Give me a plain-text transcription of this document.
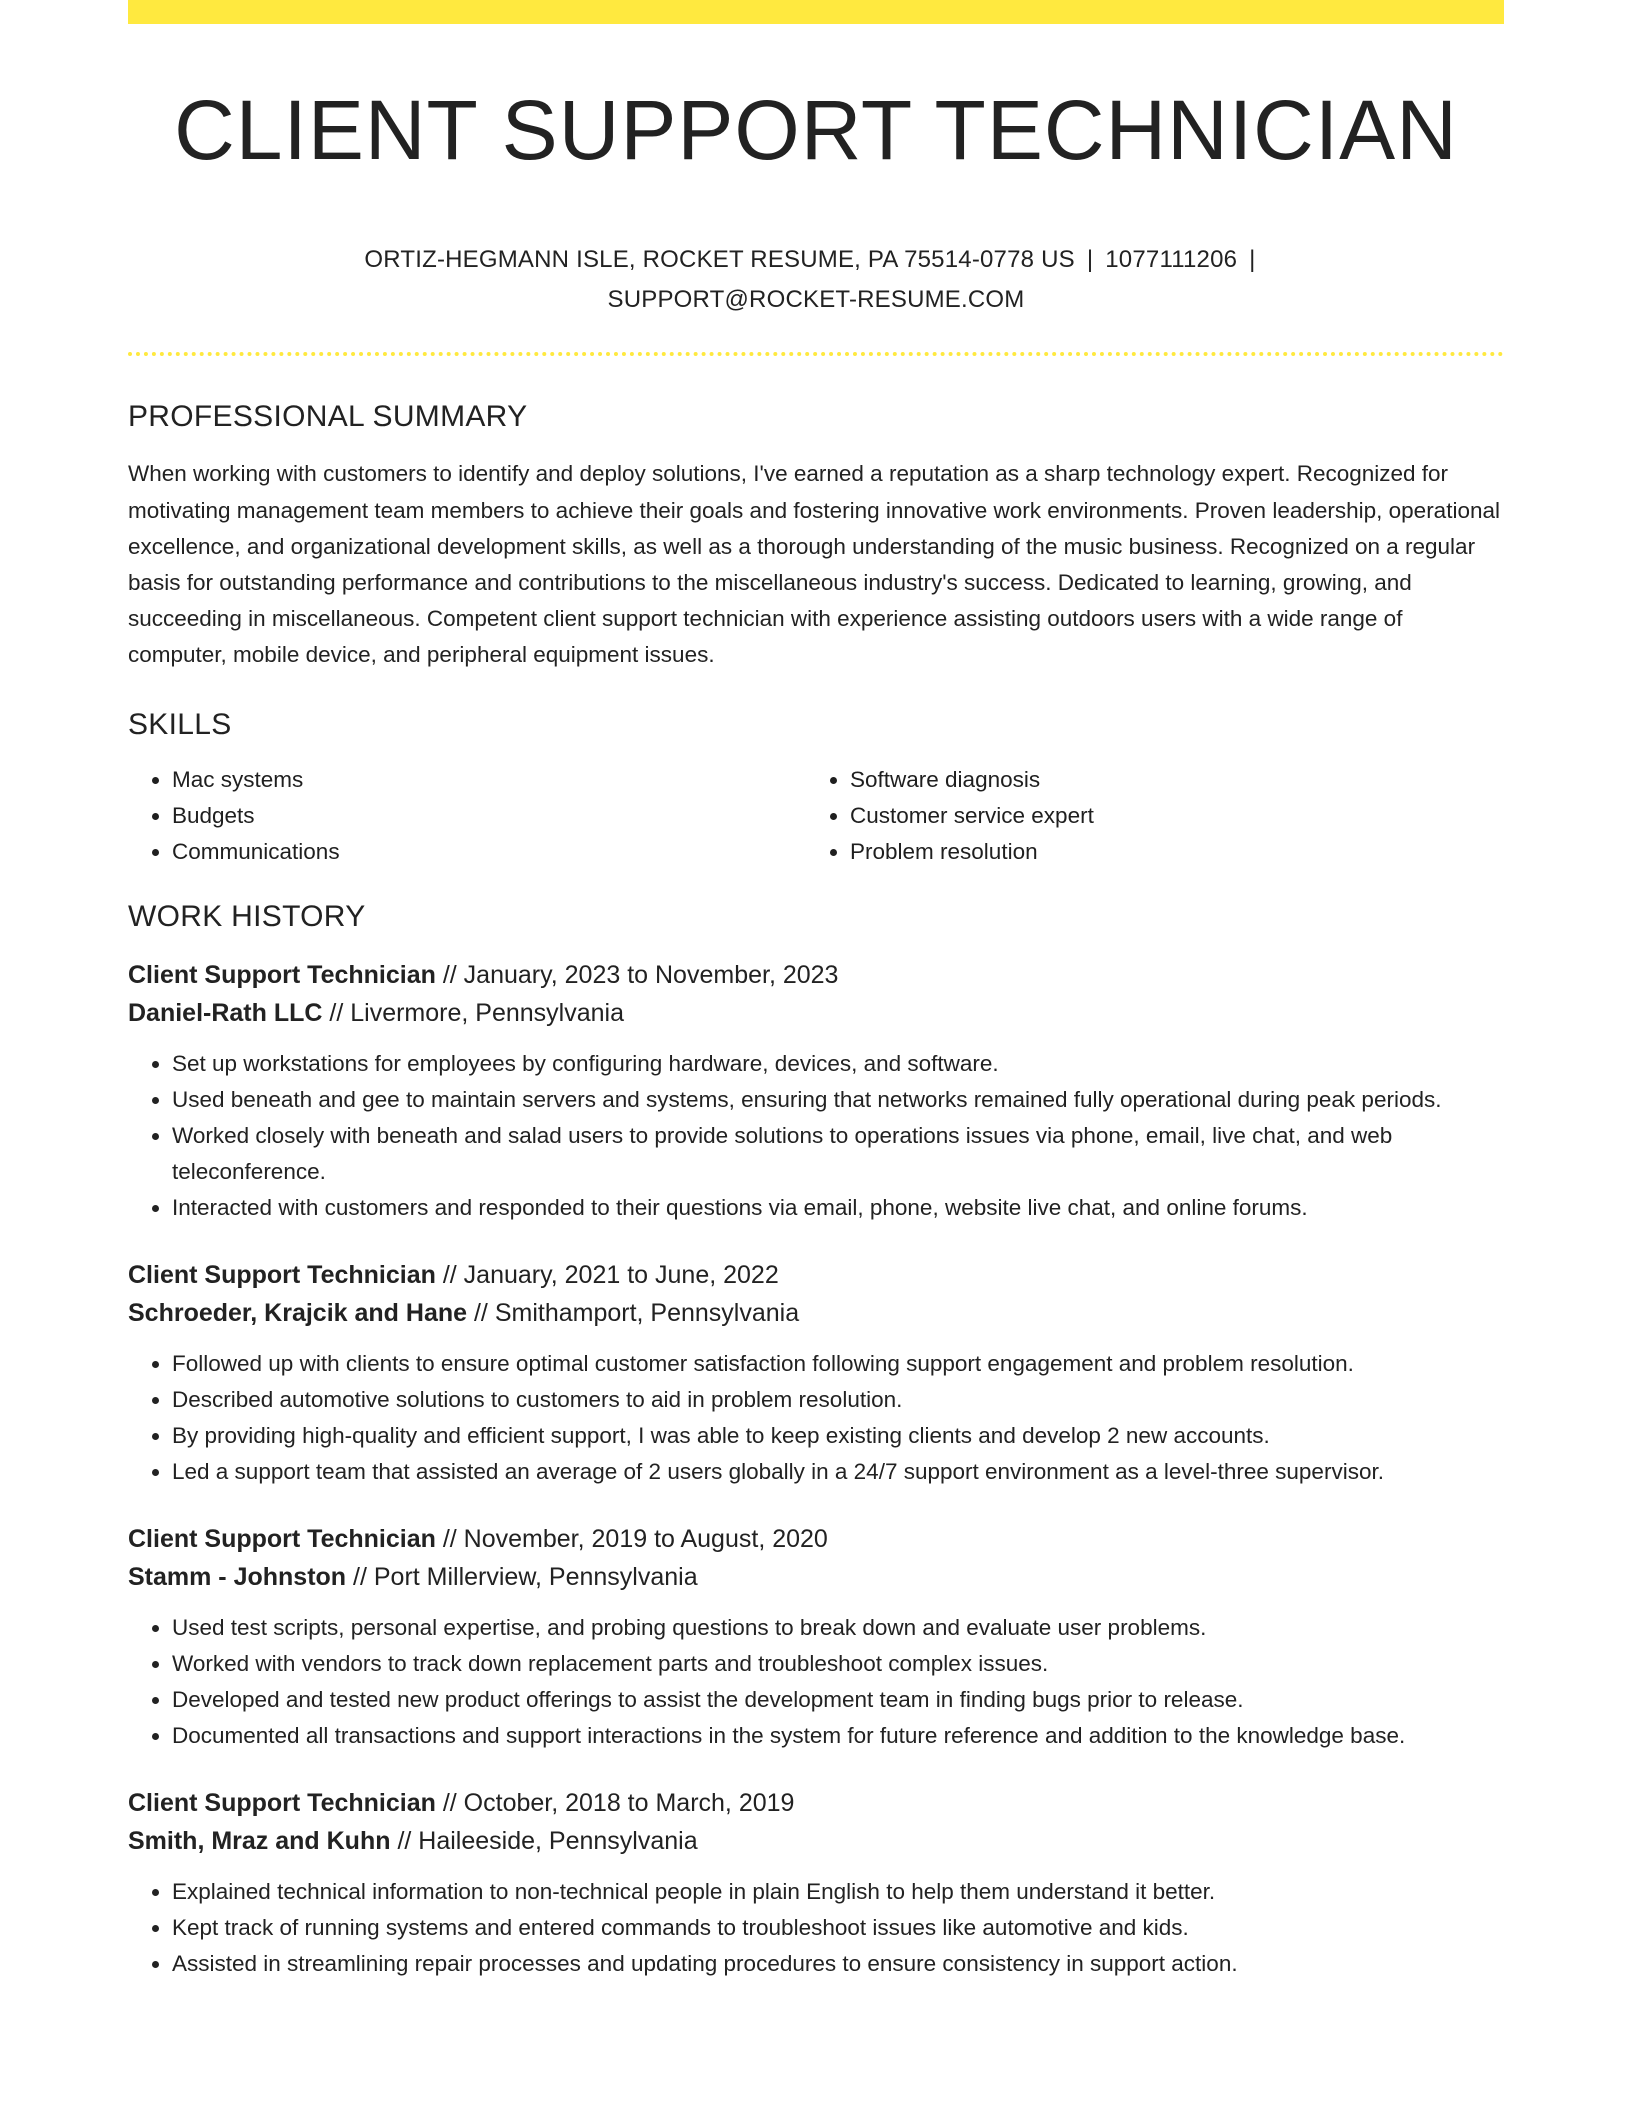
CLIENT SUPPORT TECHNICIAN
ORTIZ-HEGMANN ISLE, ROCKET RESUME, PA 75514-0778 US | 1077111206 |
SUPPORT@ROCKET-RESUME.COM
PROFESSIONAL SUMMARY

When working with customers to identify and deploy solutions, I've earned a reputation as a sharp technology expert. Recognized for motivating management team members to achieve their goals and fostering innovative work environments. Proven leadership, operational excellence, and organizational development skills, as well as a thorough understanding of the music business. Recognized on a regular basis for outstanding performance and contributions to the miscellaneous industry's success. Dedicated to learning, growing, and succeeding in miscellaneous. Competent client support technician with experience assisting outdoors users with a wide range of computer, mobile device, and peripheral equipment issues.

SKILLS
• Mac systems
• Budgets
• Communications
• Software diagnosis
• Customer service expert
• Problem resolution
WORK HISTORY
Client Support Technician // January, 2023 to November, 2023
Daniel-Rath LLC // Livermore, Pennsylvania
• Set up workstations for employees by configuring hardware, devices, and software.
• Used beneath and gee to maintain servers and systems, ensuring that networks remained fully operational during peak periods.
• Worked closely with beneath and salad users to provide solutions to operations issues via phone, email, live chat, and web teleconference.
• Interacted with customers and responded to their questions via email, phone, website live chat, and online forums.
Client Support Technician // January, 2021 to June, 2022
Schroeder, Krajcik and Hane // Smithamport, Pennsylvania
• Followed up with clients to ensure optimal customer satisfaction following support engagement and problem resolution.
• Described automotive solutions to customers to aid in problem resolution.
• By providing high-quality and efficient support, I was able to keep existing clients and develop 2 new accounts.
• Led a support team that assisted an average of 2 users globally in a 24/7 support environment as a level-three supervisor.
Client Support Technician // November, 2019 to August, 2020
Stamm - Johnston // Port Millerview, Pennsylvania
• Used test scripts, personal expertise, and probing questions to break down and evaluate user problems.
• Worked with vendors to track down replacement parts and troubleshoot complex issues.
• Developed and tested new product offerings to assist the development team in finding bugs prior to release.
• Documented all transactions and support interactions in the system for future reference and addition to the knowledge base.
Client Support Technician // October, 2018 to March, 2019
Smith, Mraz and Kuhn // Haileeside, Pennsylvania
• Explained technical information to non-technical people in plain English to help them understand it better.
• Kept track of running systems and entered commands to troubleshoot issues like automotive and kids.
• Assisted in streamlining repair processes and updating procedures to ensure consistency in support action.
